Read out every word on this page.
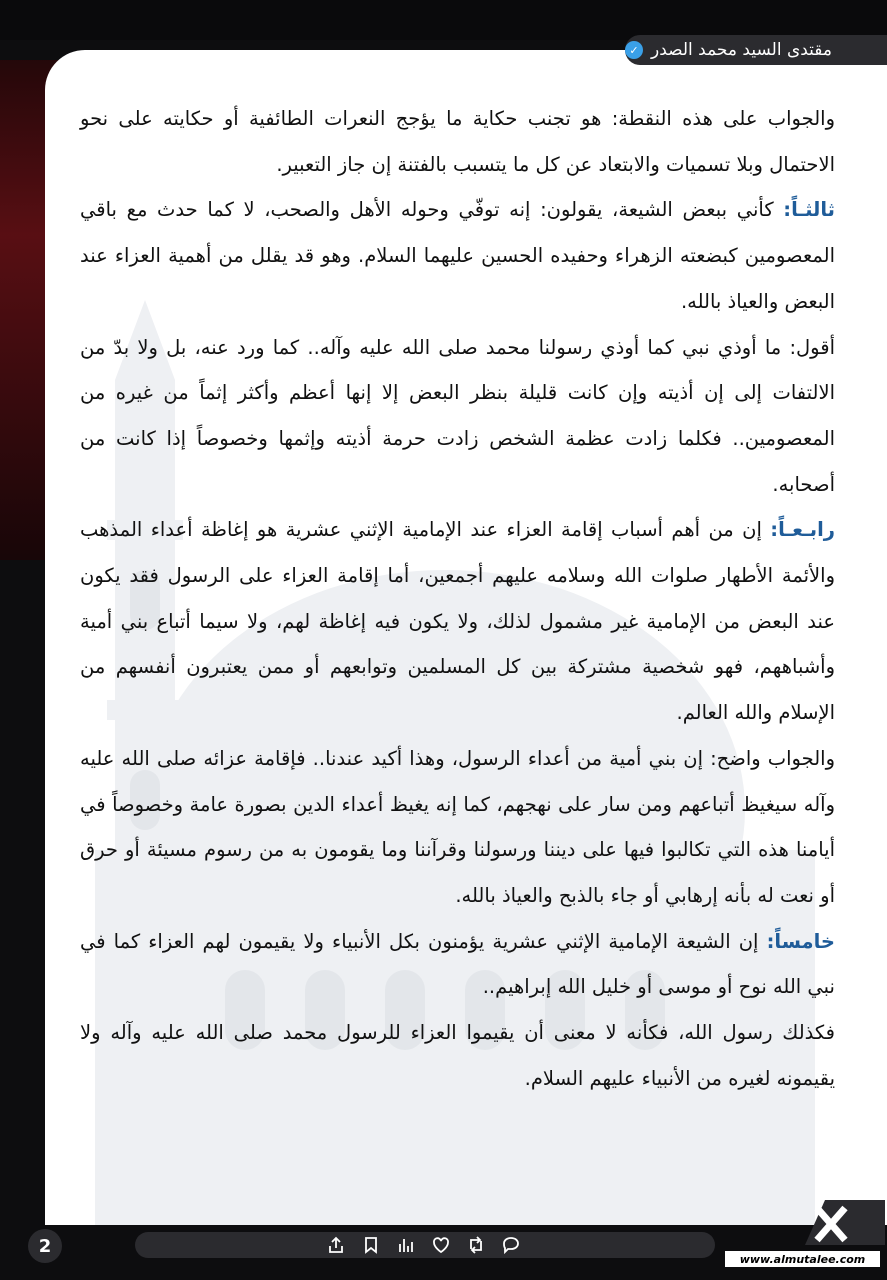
مقتدى السيد محمد الصدر
✓

والجواب على هذه النقطة: هو تجنب حكاية ما يؤجج النعرات الطائفية أو حكايته على نحو الاحتمال وبلا تسميات والابتعاد عن كل ما يتسبب بالفتنة إن جاز التعبير.

ثالثـاً: كأني ببعض الشيعة، يقولون: إنه توفّي وحوله الأهل والصحب، لا كما حدث مع باقي المعصومين كبضعته الزهراء وحفيده الحسين عليهما السلام. وهو قد يقلل من أهمية العزاء عند البعض والعياذ بالله.

أقول: ما أوذي نبي كما أوذي رسولنا محمد صلى الله عليه وآله.. كما ورد عنه، بل ولا بدّ من الالتفات إلى إن أذيته وإن كانت قليلة بنظر البعض إلا إنها أعظم وأكثر إثماً من غيره من المعصومين.. فكلما زادت عظمة الشخص زادت حرمة أذيته وإثمها وخصوصاً إذا كانت من أصحابه.

رابـعـاً: إن من أهم أسباب إقامة العزاء عند الإمامية الإثني عشرية هو إغاظة أعداء المذهب والأئمة الأطهار صلوات الله وسلامه عليهم أجمعين، أما إقامة العزاء على الرسول فقد يكون عند البعض من الإمامية غير مشمول لذلك، ولا يكون فيه إغاظة لهم، ولا سيما أتباع بني أمية وأشباههم، فهو شخصية مشتركة بين كل المسلمين وتوابعهم أو ممن يعتبرون أنفسهم من الإسلام والله العالم.

والجواب واضح: إن بني أمية من أعداء الرسول، وهذا أكيد عندنا.. فإقامة عزائه صلى الله عليه وآله سيغيظ أتباعهم ومن سار على نهجهم، كما إنه يغيظ أعداء الدين بصورة عامة وخصوصاً في أيامنا هذه التي تكالبوا فيها على ديننا ورسولنا وقرآننا وما يقومون به من رسوم مسيئة أو حرق أو نعت له بأنه إرهابي أو جاء بالذبح والعياذ بالله.

خامساً: إن الشيعة الإمامية الإثني عشرية يؤمنون بكل الأنبياء ولا يقيمون لهم العزاء كما في نبي الله نوح أو موسى أو خليل الله إبراهيم..

فكذلك رسول الله، فكأنه لا معنى أن يقيموا العزاء للرسول محمد صلى الله عليه وآله ولا يقيمونه لغيره من الأنبياء عليهم السلام.

2
www.almutalee.com
